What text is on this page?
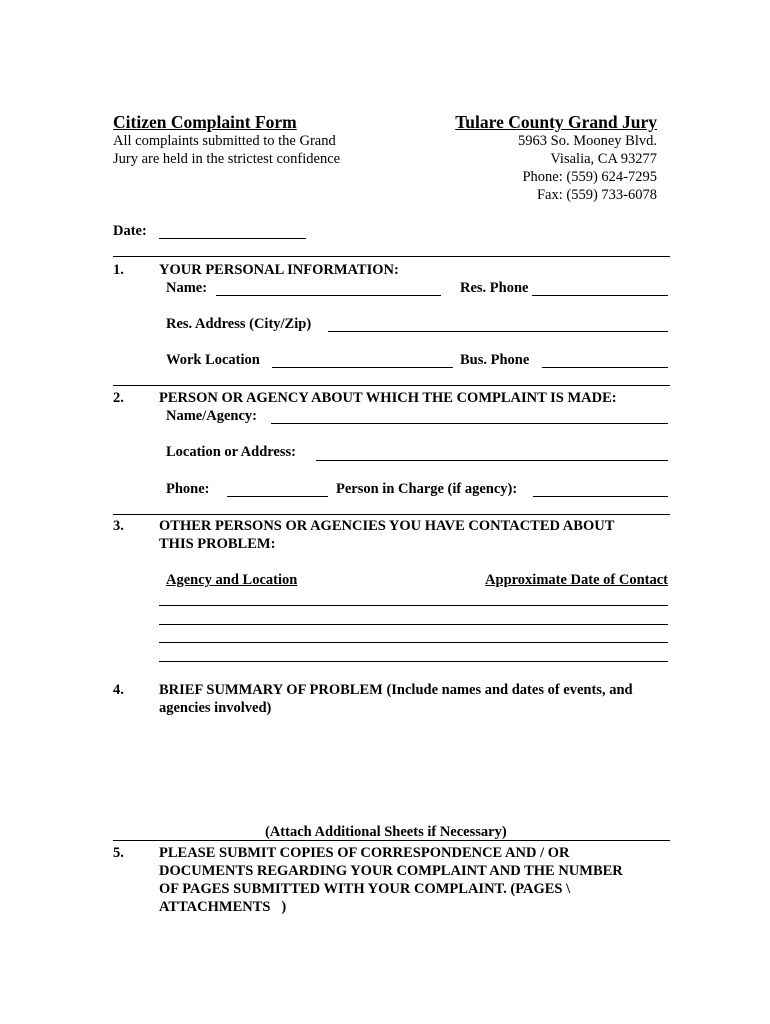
Citizen Complaint Form
All complaints submitted to the Grand
Jury are held in the strictest confidence
Tulare County Grand Jury
5963 So. Mooney Blvd.
Visalia, CA 93277
Phone: (559) 624-7295
Fax: (559) 733-6078
Date:
1. YOUR PERSONAL INFORMATION:
Name:	Res. Phone
Res. Address (City/Zip)
Work Location	Bus. Phone
2. PERSON OR AGENCY ABOUT WHICH THE COMPLAINT IS MADE:
Name/Agency:
Location or Address:
Phone:	Person in Charge (if agency):
3. OTHER PERSONS OR AGENCIES YOU HAVE CONTACTED ABOUT
THIS PROBLEM:
Agency and Location	Approximate Date of Contact
4. BRIEF SUMMARY OF PROBLEM (Include names and dates of events, and
agencies involved)
(Attach Additional Sheets if Necessary)
5. PLEASE SUBMIT COPIES OF CORRESPONDENCE AND / OR
DOCUMENTS REGARDING YOUR COMPLAINT AND THE NUMBER
OF PAGES SUBMITTED WITH YOUR COMPLAINT. (PAGES \
ATTACHMENTS   )
